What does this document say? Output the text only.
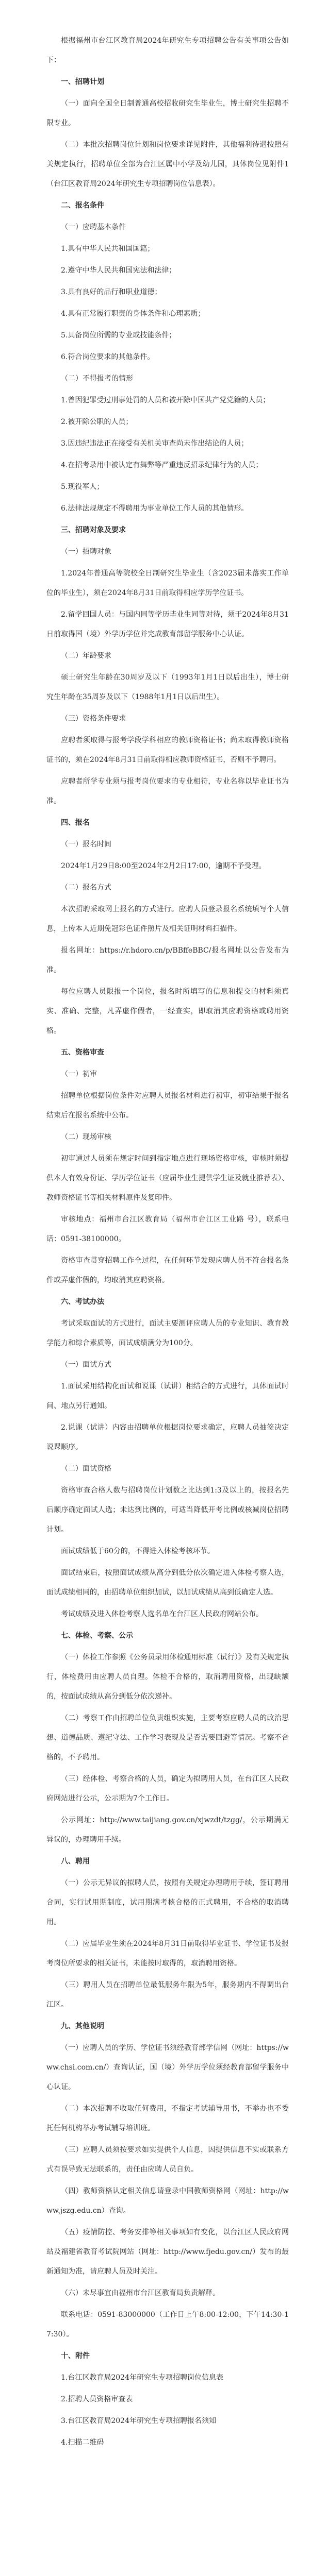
根据福州市台江区教育局2024年研究生专项招聘公告有关事项公告如下：

一、招聘计划

（一）面向全国全日制普通高校招收研究生毕业生，博士研究生招聘不限专业。

（二）本批次招聘岗位计划和岗位要求详见附件，其他福利待遇按照有关规定执行，招聘单位全部为台江区属中小学及幼儿园，具体岗位见附件1（台江区教育局2024年研究生专项招聘岗位信息表）。

二、报名条件

（一）应聘基本条件

1.具有中华人民共和国国籍；

2.遵守中华人民共和国宪法和法律；

3.具有良好的品行和职业道德；

4.具有正常履行职责的身体条件和心理素质；

5.具备岗位所需的专业或技能条件；

6.符合岗位要求的其他条件。

（二）不得报考的情形

1.曾因犯罪受过刑事处罚的人员和被开除中国共产党党籍的人员；

2.被开除公职的人员；

3.因违纪违法正在接受有关机关审查尚未作出结论的人员；

4.在招考录用中被认定有舞弊等严重违反招录纪律行为的人员；

5.现役军人；

6.法律法规规定不得聘用为事业单位工作人员的其他情形。

三、招聘对象及要求

（一）招聘对象

1.2024年普通高等院校全日制研究生毕业生（含2023届未落实工作单位的毕业生），须在2024年8月31日前取得相应学历学位证书。

2.留学回国人员：与国内同等学历毕业生同等对待，须于2024年8月31日前取得国（境）外学历学位并完成教育部留学服务中心认证。

（二）年龄要求

硕士研究生年龄在30周岁及以下（1993年1月1日以后出生），博士研究生年龄在35周岁及以下（1988年1月1日以后出生）。

（三）资格条件要求

应聘者须取得与报考学段学科相应的教师资格证书；尚未取得教师资格证书的，须在2024年8月31日前取得相应教师资格证书，否则不予聘用。

应聘者所学专业须与报考岗位要求的专业相符，专业名称以毕业证书为准。

四、报名

（一）报名时间

2024年1月29日8:00至2024年2月2日17:00，逾期不予受理。

（二）报名方式

本次招聘采取网上报名的方式进行。应聘人员登录报名系统填写个人信息，上传本人近期免冠彩色证件照片及相关证明材料扫描件。

报名网址：https://r.hdoro.cn/p/BBffeBBC/报名网址以公告发布为准。

每位应聘人员限报一个岗位，报名时所填写的信息和提交的材料须真实、准确、完整，凡弄虚作假者，一经查实，即取消其应聘资格或聘用资格。

五、资格审查

（一）初审

招聘单位根据岗位条件对应聘人员报名材料进行初审，初审结果于报名结束后在报名系统中公布。

（二）现场审核

初审通过人员须在规定时间到指定地点进行现场资格审核，审核时须提供本人有效身份证、学历学位证书（应届毕业生提供学生证及就业推荐表）、教师资格证书等相关材料原件及复印件。

审核地点：福州市台江区教育局（福州市台江区工业路 号），联系电话：0591-38100000。

资格审查贯穿招聘工作全过程，在任何环节发现应聘人员不符合报名条件或弄虚作假的，均取消其应聘资格。

六、考试办法

考试采取面试的方式进行，面试主要测评应聘人员的专业知识、教育教学能力和综合素质等，面试成绩满分为100分。

（一）面试方式

1.面试采用结构化面试和说课（试讲）相结合的方式进行，具体面试时间、地点另行通知。

2.说课（试讲）内容由招聘单位根据岗位要求确定，应聘人员抽签决定说课顺序。

（二）面试资格

资格审查合格人数与招聘岗位计划数之比达到1:3及以上的，按报名先后顺序确定面试人选；未达到比例的，可适当降低开考比例或核减岗位招聘计划。

面试成绩低于60分的，不得进入体检考核环节。

面试结束后，按照面试成绩从高分到低分依次确定进入体检考察人选，面试成绩相同的，由招聘单位组织加试，以加试成绩从高到低确定人选。

考试成绩及进入体检考察人选名单在台江区人民政府网站公布。

七、体检、考察、公示

（一）体检工作参照《公务员录用体检通用标准（试行）》及有关规定执行，体检费用由应聘人员自理。体检不合格的，取消聘用资格，出现缺额的，按面试成绩从高分到低分依次递补。

（二）考察工作由招聘单位负责组织实施，主要考察应聘人员的政治思想、道德品质、遵纪守法、工作学习表现及是否需要回避等情况。考察不合格的，不予聘用。

（三）经体检、考察合格的人员，确定为拟聘用人员，在台江区人民政府网站进行公示，公示期为7个工作日。

公示网址：http://www.taijiang.gov.cn/xjwzdt/tzgg/，公示期满无异议的，办理聘用手续。

八、聘用

（一）公示无异议的拟聘人员，按照有关规定办理聘用手续，签订聘用合同，实行试用期制度，试用期满考核合格的正式聘用，不合格的取消聘用。

（二）应届毕业生须在2024年8月31日前取得毕业证书、学位证书及报考岗位所要求的相关证书，未能按时取得的，取消聘用资格。

（三）聘用人员在招聘单位最低服务年限为5年，服务期内不得调出台江区。

九、其他说明

（一）应聘人员的学历、学位证书须经教育部学信网（网址：https://www.chsi.com.cn/）查询认证，国（境）外学历学位须经教育部留学服务中心认证。

（二）本次招聘不收取任何费用，不指定考试辅导用书，不举办也不委托任何机构举办考试辅导培训班。

（三）应聘人员须按要求如实提供个人信息，因提供信息不实或联系方式有误导致无法联系的，责任由应聘人员自负。

（四）教师资格认定相关信息请登录中国教师资格网（网址：http://www.jszg.edu.cn）查询。

（五）疫情防控、考务安排等相关事项如有变化，以台江区人民政府网站及福建省教育考试院网站（网址：http://www.fjedu.gov.cn/）发布的最新通知为准，请应聘人员及时关注。

（六）未尽事宜由福州市台江区教育局负责解释。

联系电话：0591-83000000（工作日上午8:00-12:00，下午14:30-17:30）。

十、附件

1.台江区教育局2024年研究生专项招聘岗位信息表

2.招聘人员资格审查表

3.台江区教育局2024年研究生专项招聘报名须知

4.扫描二维码
